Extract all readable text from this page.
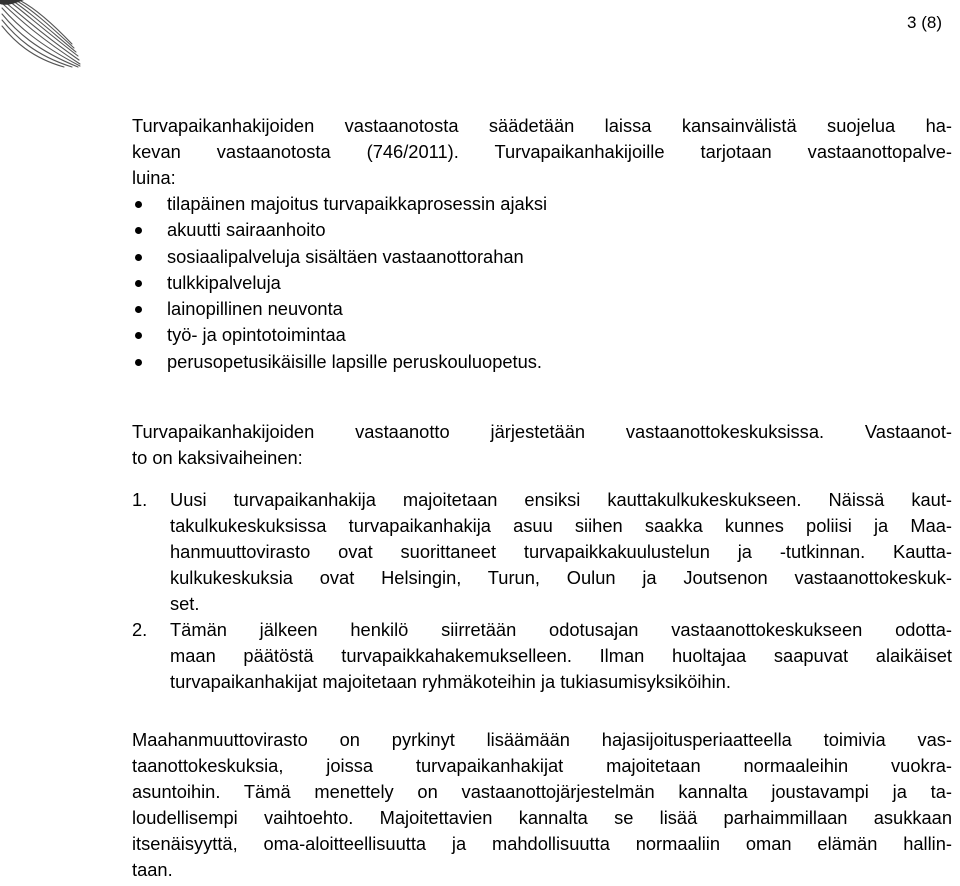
3 (8)
Turvapaikanhakijoiden vastaanotosta säädetään laissa kansainvälistä suojelua ha-
kevan vastaanotosta (746/2011). Turvapaikanhakijoille tarjotaan vastaanottopalve-
luina:
tilapäinen majoitus turvapaikkaprosessin ajaksi
akuutti sairaanhoito
sosiaalipalveluja sisältäen vastaanottorahan
tulkkipalveluja
lainopillinen neuvonta
työ- ja opintotoimintaa
perusopetusikäisille lapsille peruskouluopetus.
Turvapaikanhakijoiden vastaanotto järjestetään vastaanottokeskuksissa. Vastaanot-
to on kaksivaiheinen:
1. Uusi turvapaikanhakija majoitetaan ensiksi kauttakulkukeskukseen. Näissä kaut-
takulkukeskuksissa turvapaikanhakija asuu siihen saakka kunnes poliisi ja Maa-
hanmuuttovirasto ovat suorittaneet turvapaikkakuulustelun ja -tutkinnan. Kautta-
kulkukeskuksia ovat Helsingin, Turun, Oulun ja Joutsenon vastaanottokeskuk-
set.
2. Tämän jälkeen henkilö siirretään odotusajan vastaanottokeskukseen odotta-
maan päätöstä turvapaikkahakemukselleen. Ilman huoltajaa saapuvat alaikäiset
turvapaikanhakijat majoitetaan ryhmäkoteihin ja tukiasumisyksiköihin.
Maahanmuuttovirasto on pyrkinyt lisäämään hajasijoitusperiaatteella toimivia vas-
taanottokeskuksia, joissa turvapaikanhakijat majoitetaan normaaleihin vuokra-
asuntoihin. Tämä menettely on vastaanottojärjestelmän kannalta joustavampi ja ta-
loudellisempi vaihtoehto. Majoitettavien kannalta se lisää parhaimmillaan asukkaan
itsenäisyyttä, oma-aloitteellisuutta ja mahdollisuutta normaaliin oman elämän hallin-
taan.
